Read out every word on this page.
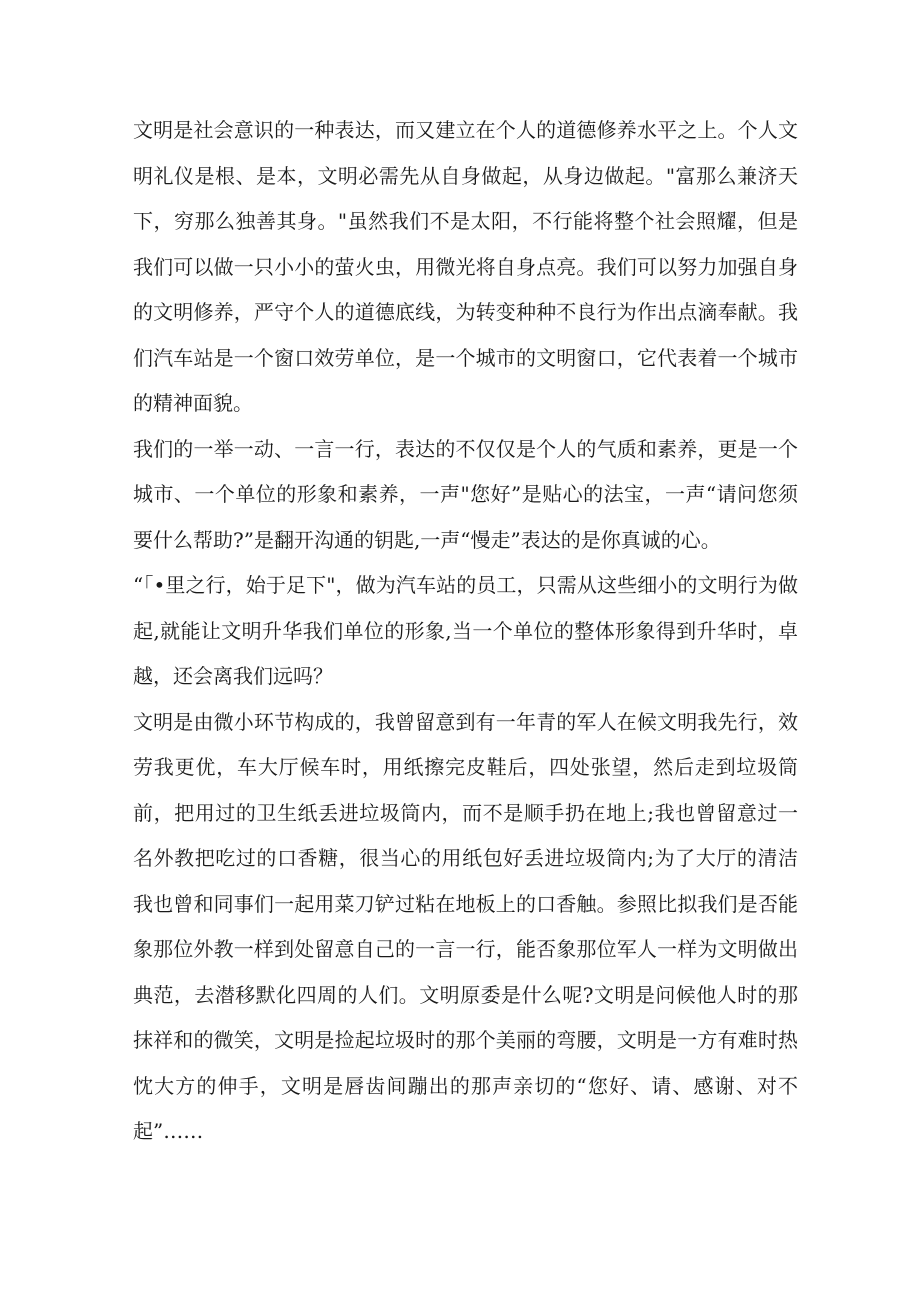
文明是社会意识的一种表达，而又建立在个人的道德修养水平之上。个人文明礼仪是根、是本，文明必需先从自身做起，从身边做起。"富那么兼济天下，穷那么独善其身。"虽然我们不是太阳，不行能将整个社会照耀，但是我们可以做一只小小的萤火虫，用微光将自身点亮。我们可以努力加强自身的文明修养，严守个人的道德底线，为转变种种不良行为作出点滴奉献。我们汽车站是一个窗口效劳单位，是一个城市的文明窗口，它代表着一个城市的精神面貌。

我们的一举一动、一言一行，表达的不仅仅是个人的气质和素养，更是一个城市、一个单位的形象和素养，一声"您好”是贴心的法宝，一声“请问您须要什么帮助?”是翻开沟通的钥匙,一声“慢走”表达的是你真诚的心。

“「•里之行，始于足下"，做为汽车站的员工，只需从这些细小的文明行为做起,就能让文明升华我们单位的形象,当一个单位的整体形象得到升华时，卓越，还会离我们远吗？

文明是由微小环节构成的，我曾留意到有一年青的军人在候文明我先行，效劳我更优，车大厅候车时，用纸擦完皮鞋后，四处张望，然后走到垃圾筒前，把用过的卫生纸丢进垃圾筒内，而不是顺手扔在地上;我也曾留意过一名外教把吃过的口香糖，很当心的用纸包好丢进垃圾筒内;为了大厅的清洁我也曾和同事们一起用菜刀铲过粘在地板上的口香触。参照比拟我们是否能象那位外教一样到处留意自己的一言一行，能否象那位军人一样为文明做出典范，去潜移默化四周的人们。文明原委是什么呢?文明是问候他人时的那抹祥和的微笑，文明是捡起垃圾时的那个美丽的弯腰，文明是一方有难时热忱大方的伸手，文明是唇齿间蹦出的那声亲切的“您好、请、感谢、对不起”……
